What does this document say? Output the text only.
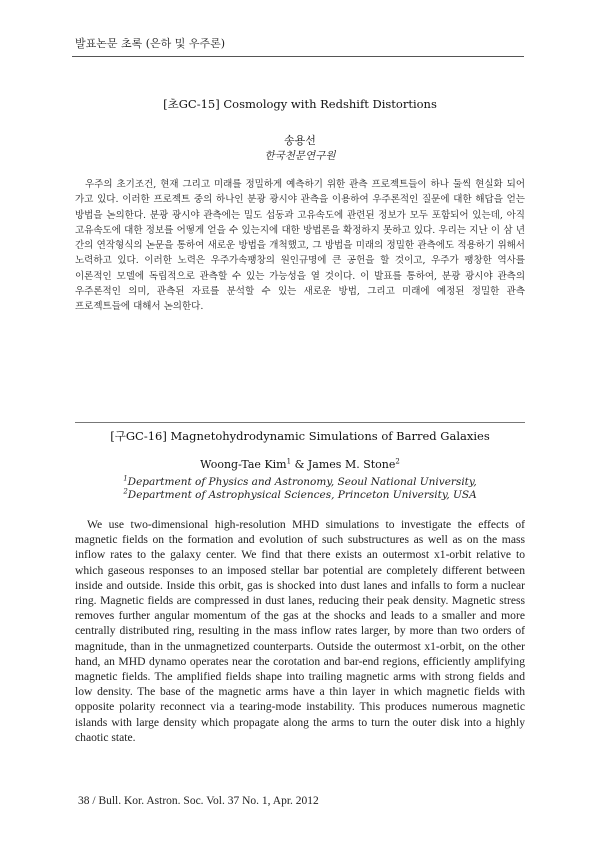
발표논문 초록 (은하 및 우주론)
[초GC-15] Cosmology with Redshift Distortions

송용선

한국천문연구원

우주의 초기조건, 현재 그리고 미래를 정밀하게 예측하기 위한 관측 프로젝트들이 하나 둘씩 현실화 되어 가고 있다. 이러한 프로젝트 중의 하나인 분광 광시야 관측을 이용하여 우주론적인 질문에 대한 해답을 얻는 방법을 논의한다. 분광 광시야 관측에는 밀도 섭동과 고유속도에 관련된 정보가 모두 포함되어 있는데, 아직 고유속도에 대한 정보를 어떻게 얻을 수 있는지에 대한 방법론을 확정하지 못하고 있다. 우리는 지난 이 삼 년 간의 연작형식의 논문을 통하여 새로운 방법을 개척했고, 그 방법을 미래의 정밀한 관측에도 적용하기 위해서 노력하고 있다. 이러한 노력은 우주가속팽창의 원인규명에 큰 공헌을 할 것이고, 우주가 팽창한 역사를 이론적인 모델에 독립적으로 관측할 수 있는 가능성을 열 것이다. 이 발표를 통하여, 분광 광시야 관측의 우주론적인 의미, 관측된 자료를 분석할 수 있는 새로운 방법, 그리고 미래에 예정된 정밀한 관측 프로젝트들에 대해서 논의한다.

[구GC-16] Magnetohydrodynamic Simulations of Barred Galaxies

Woong-Tae Kim$^1$ & James M. Stone$^2$

$^1$Department of Physics and Astronomy, Seoul National University,
$^2$Department of Astrophysical Sciences, Princeton University, USA

We use two-dimensional high-resolution MHD simulations to investigate the effects of magnetic fields on the formation and evolution of such substructures as well as on the mass inflow rates to the galaxy center. We find that there exists an outermost x1-orbit relative to which gaseous responses to an imposed stellar bar potential are completely different between inside and outside. Inside this orbit, gas is shocked into dust lanes and infalls to form a nuclear ring. Magnetic fields are compressed in dust lanes, reducing their peak density. Magnetic stress removes further angular momentum of the gas at the shocks and leads to a smaller and more centrally distributed ring, resulting in the mass inflow rates larger, by more than two orders of magnitude, than in the unmagnetized counterparts. Outside the outermost x1-orbit, on the other hand, an MHD dynamo operates near the corotation and bar-end regions, efficiently amplifying magnetic fields. The amplified fields shape into trailing magnetic arms with strong fields and low density. The base of the magnetic arms have a thin layer in which magnetic fields with opposite polarity reconnect via a tearing-mode instability. This produces numerous magnetic islands with large density which propagate along the arms to turn the outer disk into a highly chaotic state.

38 / Bull. Kor. Astron. Soc. Vol. 37 No. 1, Apr. 2012
